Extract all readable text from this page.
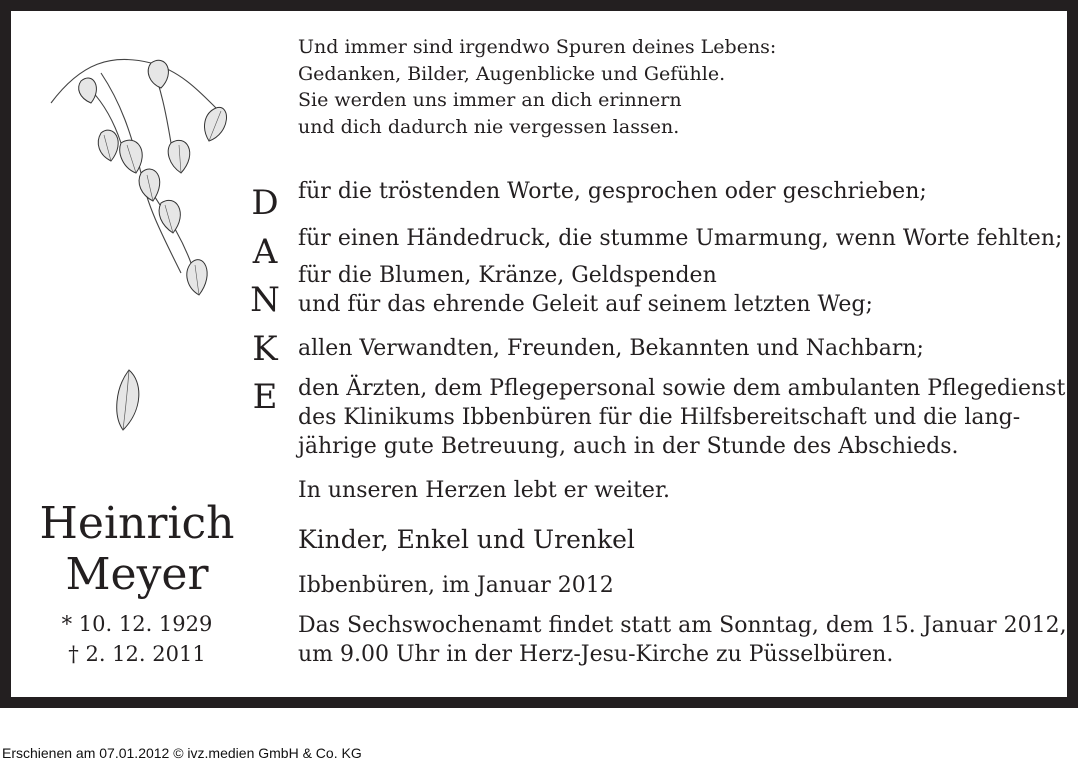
Und immer sind irgendwo Spuren deines Lebens:
Gedanken, Bilder, Augenblicke und Gefühle.
Sie werden uns immer an dich erinnern
und dich dadurch nie vergessen lassen.
D
A
N
K
E
für die tröstenden Worte, gesprochen oder geschrieben;
für einen Händedruck, die stumme Umarmung, wenn Worte fehlten;
für die Blumen, Kränze, Geldspenden
und für das ehrende Geleit auf seinem letzten Weg;
allen Verwandten, Freunden, Bekannten und Nachbarn;
den Ärzten, dem Pflegepersonal sowie dem ambulanten Pflegedienst
des Klinikums Ibbenbüren für die Hilfsbereitschaft und die lang-
jährige gute Betreuung, auch in der Stunde des Abschieds.
In unseren Herzen lebt er weiter.
Kinder, Enkel und Urenkel
Ibbenbüren, im Januar 2012
Das Sechswochenamt findet statt am Sonntag, dem 15. Januar 2012,
um 9.00 Uhr in der Herz-Jesu-Kirche zu Püsselbüren.
Heinrich
Meyer
* 10. 12. 1929
† 2. 12. 2011
Erschienen am 07.01.2012 © ivz.medien GmbH & Co. KG
